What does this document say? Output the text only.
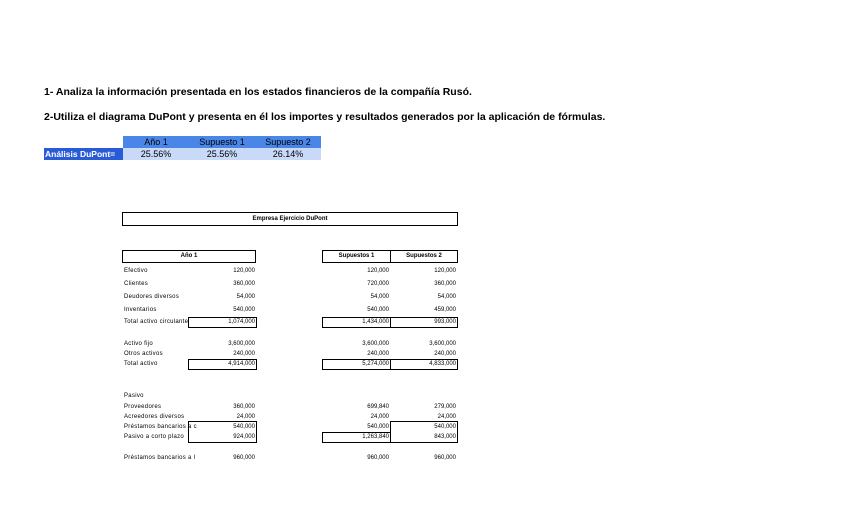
1- Analiza la información presentada en los estados financieros de la compañía Rusó.
2-Utiliza el diagrama DuPont y presenta en él los importes y resultados generados por la aplicación de fórmulas.
	Año 1	Supuesto 1	Supuesto 2
Análisis DuPont=	25.56%	25.56%	26.14%
Empresa Ejercicio DuPont
Año 1	Supuestos 1	Supuestos 2
Efectivo	120,000	120,000	120,000
Clientes	360,000	720,000	360,000
Deudores diversos	54,000	54,000	54,000
Inventarios	540,000	540,000	459,000
Total activo circulante	1,074,000	1,434,000	993,000
Activo fijo	3,600,000	3,600,000	3,600,000
Otros activos	240,000	240,000	240,000
Total activo	4,914,000	5,274,000	4,833,000
Pasivo
Proveedores	360,000	699,840	279,000
Acreedores diversos	24,000	24,000	24,000
Préstamos bancarios a c	540,000	540,000	540,000
Pasivo a corto plazo	924,000	1,263,840	843,000
Préstamos bancarios a l	960,000	960,000	960,000
